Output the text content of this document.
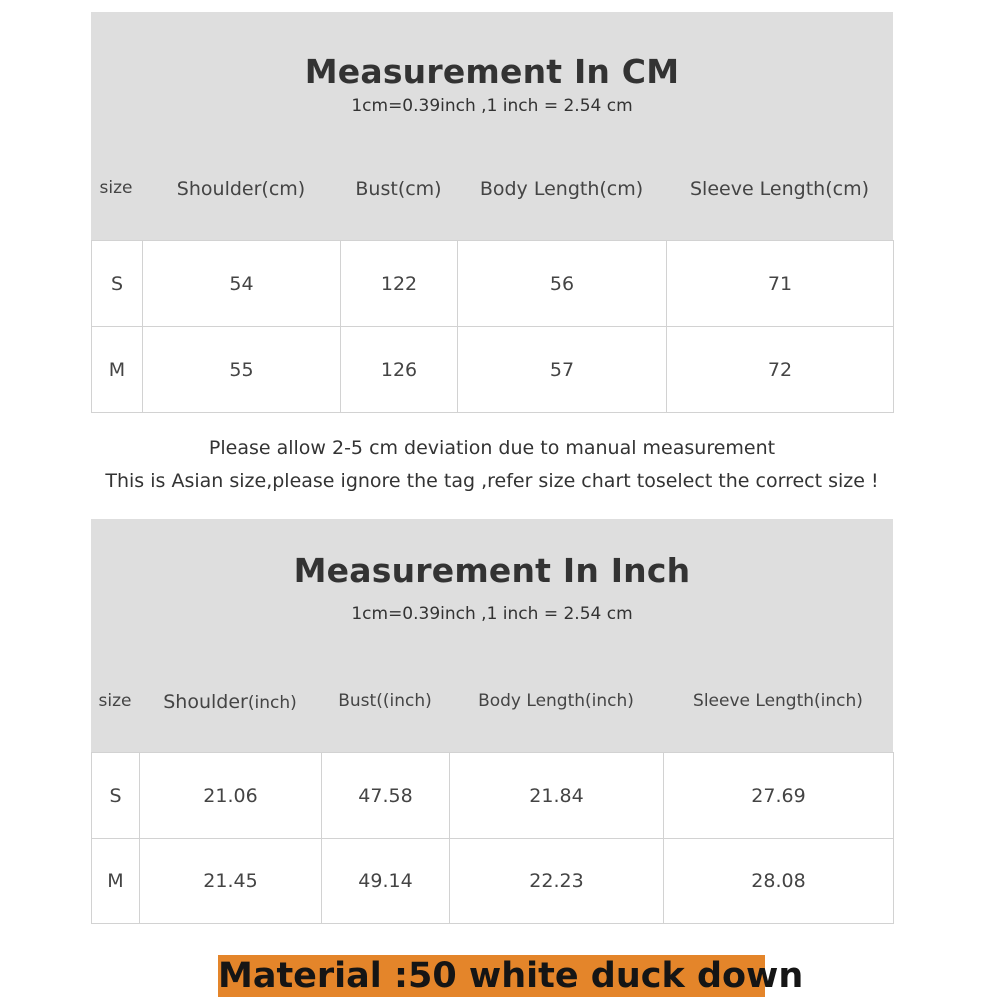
Measurement In CM
1cm=0.39inch ,1 inch = 2.54 cm
size	Shoulder(cm)	Bust(cm)	Body Length(cm)	Sleeve Length(cm)
S	54	122	56	71
M	55	126	57	72
Please allow 2-5 cm deviation due to manual measurement
This is Asian size,please ignore the tag ,refer size chart toselect the correct size !
Measurement In Inch
1cm=0.39inch ,1 inch = 2.54 cm
size	Shoulder(inch)	Bust((inch)	Body Length(inch)	Sleeve Length(inch)
S	21.06	47.58	21.84	27.69
M	21.45	49.14	22.23	28.08
Material :50 white duck down
